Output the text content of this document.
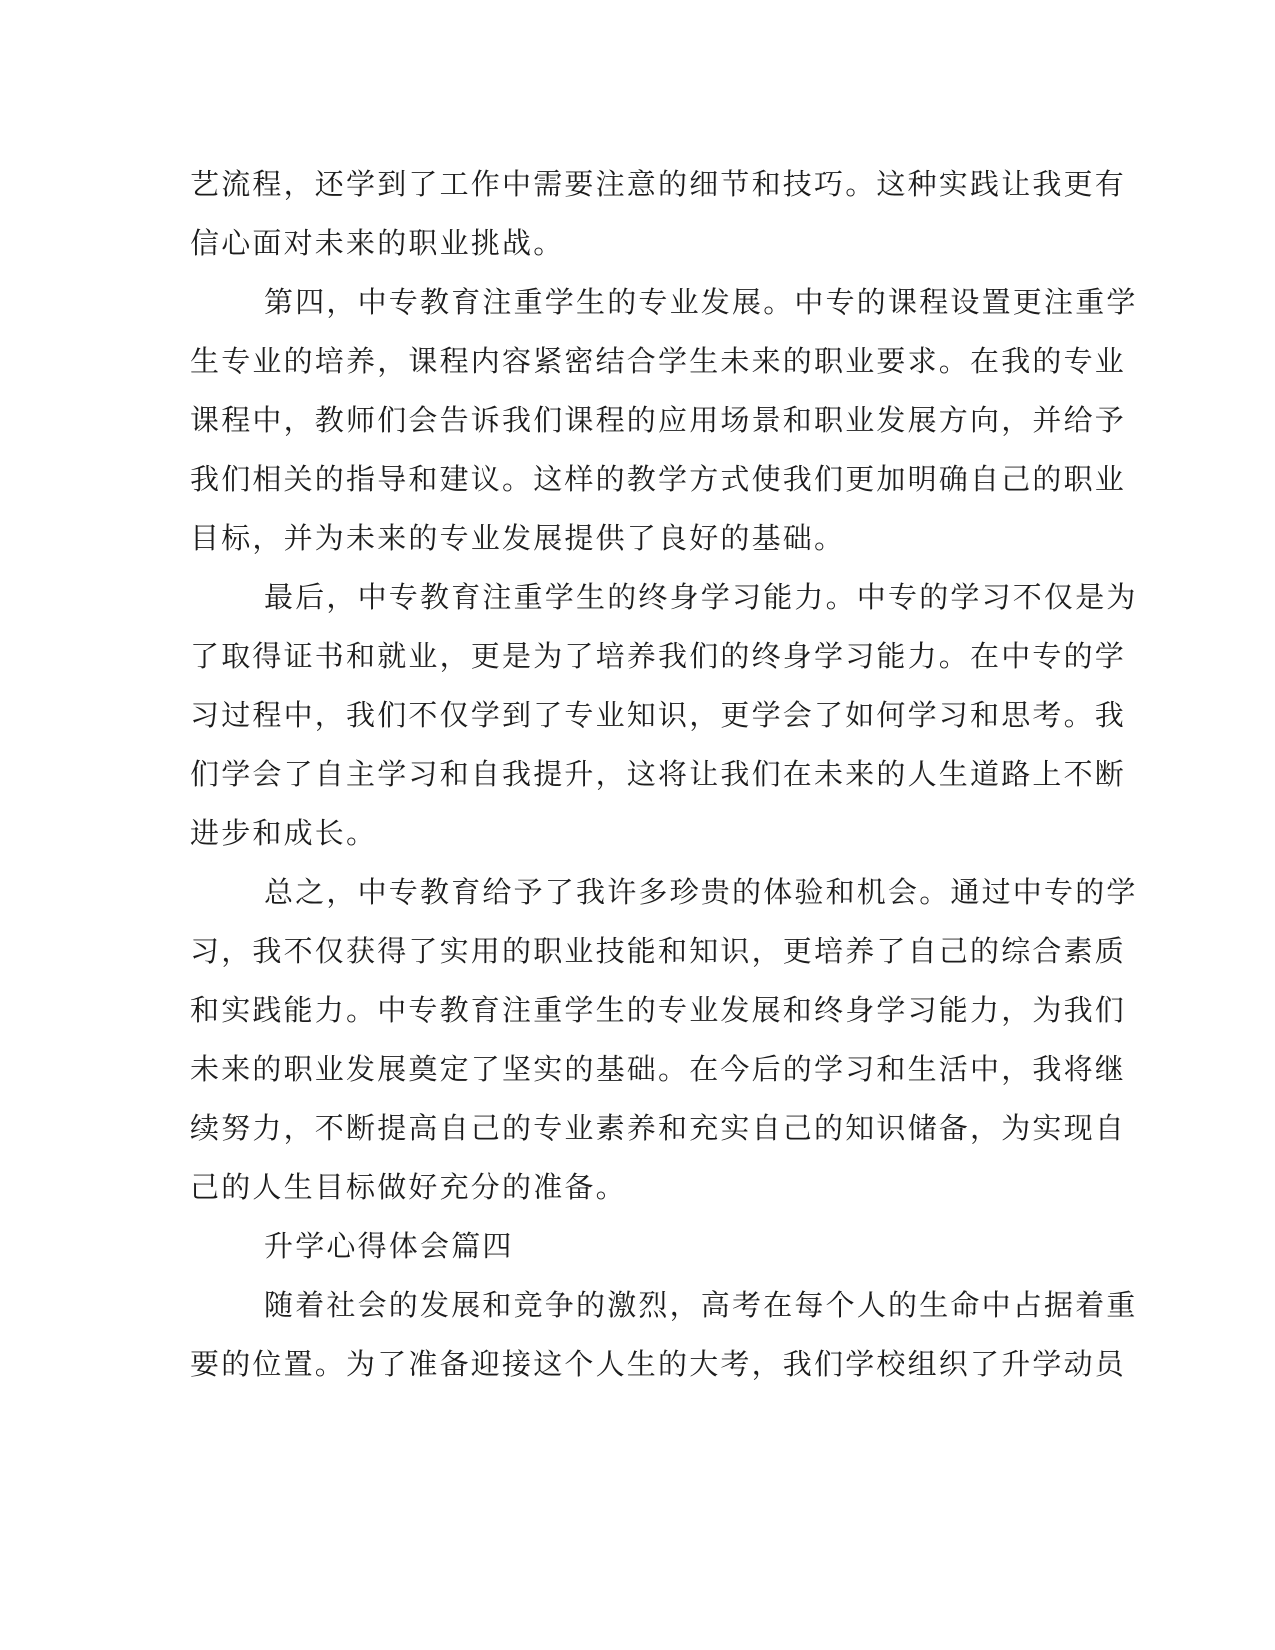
艺流程，还学到了工作中需要注意的细节和技巧。这种实践让我更有

信心面对未来的职业挑战。

第四，中专教育注重学生的专业发展。中专的课程设置更注重学

生专业的培养，课程内容紧密结合学生未来的职业要求。在我的专业

课程中，教师们会告诉我们课程的应用场景和职业发展方向，并给予

我们相关的指导和建议。这样的教学方式使我们更加明确自己的职业

目标，并为未来的专业发展提供了良好的基础。

最后，中专教育注重学生的终身学习能力。中专的学习不仅是为

了取得证书和就业，更是为了培养我们的终身学习能力。在中专的学

习过程中，我们不仅学到了专业知识，更学会了如何学习和思考。我

们学会了自主学习和自我提升，这将让我们在未来的人生道路上不断

进步和成长。

总之，中专教育给予了我许多珍贵的体验和机会。通过中专的学

习，我不仅获得了实用的职业技能和知识，更培养了自己的综合素质

和实践能力。中专教育注重学生的专业发展和终身学习能力，为我们

未来的职业发展奠定了坚实的基础。在今后的学习和生活中，我将继

续努力，不断提高自己的专业素养和充实自己的知识储备，为实现自

己的人生目标做好充分的准备。

升学心得体会篇四

随着社会的发展和竞争的激烈，高考在每个人的生命中占据着重

要的位置。为了准备迎接这个人生的大考，我们学校组织了升学动员
